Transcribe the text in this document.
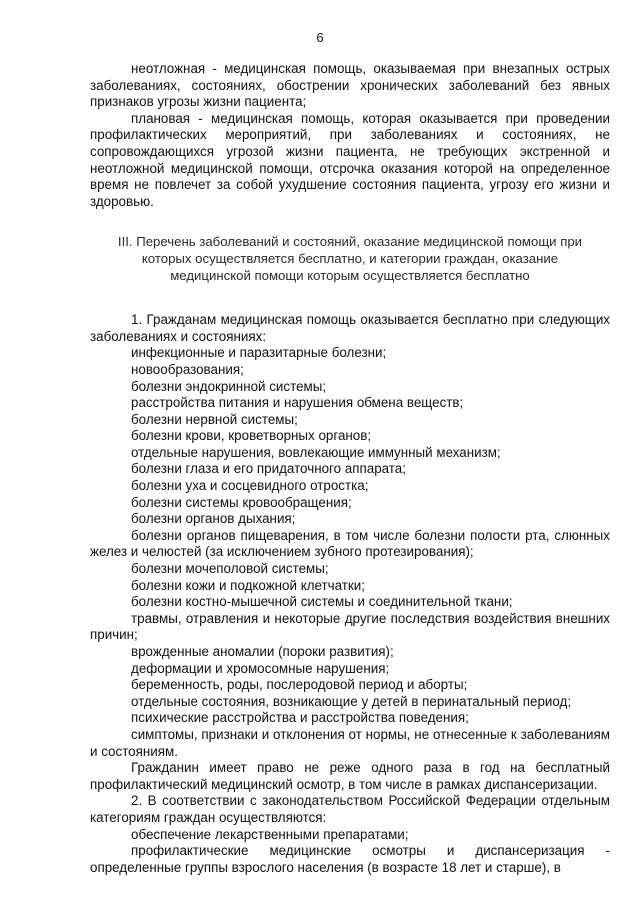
6

неотложная - медицинская помощь, оказываемая при внезапных острых заболеваниях, состояниях, обострении хронических заболеваний без явных признаков угрозы жизни пациента;

плановая - медицинская помощь, которая оказывается при проведении профилактических мероприятий, при заболеваниях и состояниях, не сопровождающихся угрозой жизни пациента, не требующих экстренной и неотложной медицинской помощи, отсрочка оказания которой на определенное время не повлечет за собой ухудшение состояния пациента, угрозу его жизни и здоровью.

III. Перечень заболеваний и состояний, оказание медицинской помощи при
которых осуществляется бесплатно, и категории граждан, оказание
медицинской помощи которым осуществляется бесплатно

1. Гражданам медицинская помощь оказывается бесплатно при следующих заболеваниях и состояниях:

инфекционные и паразитарные болезни;

новообразования;

болезни эндокринной системы;

расстройства питания и нарушения обмена веществ;

болезни нервной системы;

болезни крови, кроветворных органов;

отдельные нарушения, вовлекающие иммунный механизм;

болезни глаза и его придаточного аппарата;

болезни уха и сосцевидного отростка;

болезни системы кровообращения;

болезни органов дыхания;

болезни органов пищеварения, в том числе болезни полости рта, слюнных желез и челюстей (за исключением зубного протезирования);

болезни мочеполовой системы;

болезни кожи и подкожной клетчатки;

болезни костно-мышечной системы и соединительной ткани;

травмы, отравления и некоторые другие последствия воздействия внешних причин;

врожденные аномалии (пороки развития);

деформации и хромосомные нарушения;

беременность, роды, послеродовой период и аборты;

отдельные состояния, возникающие у детей в перинатальный период;

психические расстройства и расстройства поведения;

симптомы, признаки и отклонения от нормы, не отнесенные к заболеваниям и состояниям.

Гражданин имеет право не реже одного раза в год на бесплатный профилактический медицинский осмотр, в том числе в рамках диспансеризации.

2. В соответствии с законодательством Российской Федерации отдельным категориям граждан осуществляются:

обеспечение лекарственными препаратами;

профилактические медицинские осмотры и диспансеризация - определенные группы взрослого населения (в возрасте 18 лет и старше), в
